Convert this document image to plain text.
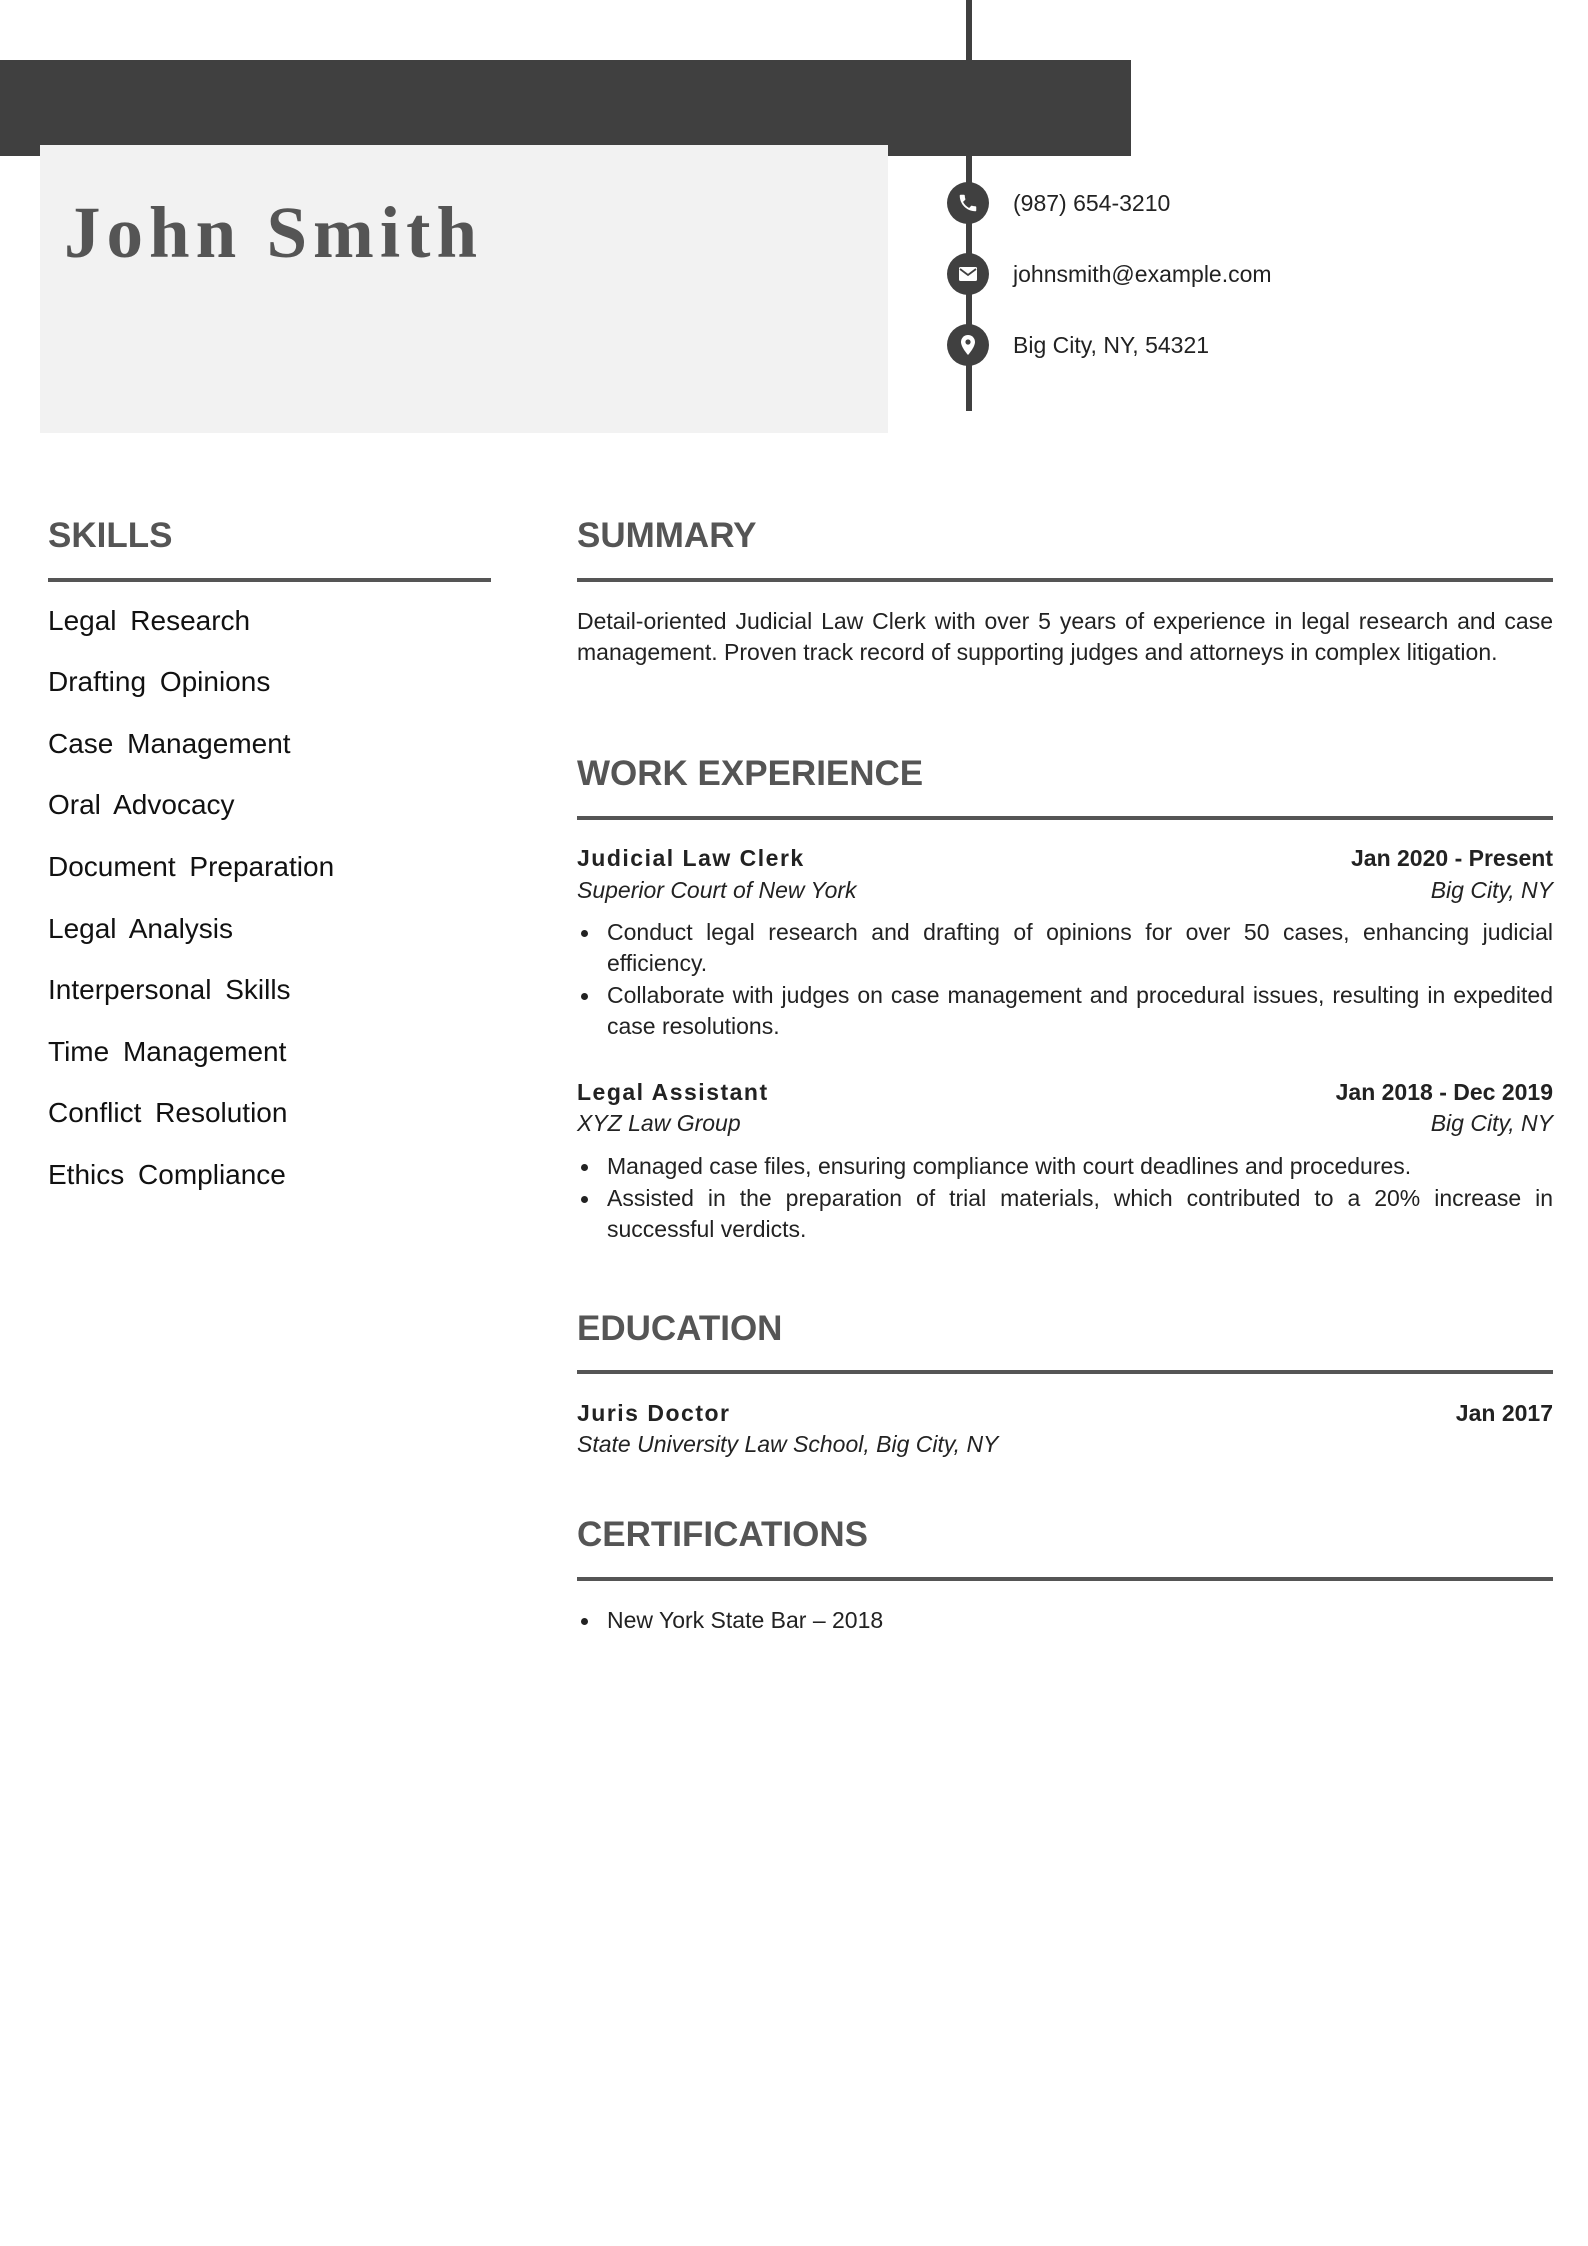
John Smith	(987) 654-3210
johnsmith@example.com
Big City, NY, 54321
SKILLS
Legal Research
Drafting Opinions
Case Management
Oral Advocacy
Document Preparation
Legal Analysis
Interpersonal Skills
Time Management
Conflict Resolution
Ethics Compliance
SUMMARY

Detail-oriented Judicial Law Clerk with over 5 years of experience in legal research and case management. Proven track record of supporting judges and attorneys in complex litigation.

WORK EXPERIENCE
Judicial Law Clerk	Jan 2020 - Present
Superior Court of New York	Big City, NY
Conduct legal research and drafting of opinions for over 50 cases, enhancing judicial efficiency.
Collaborate with judges on case management and procedural issues, resulting in expedited case resolutions.
Legal Assistant	Jan 2018 - Dec 2019
XYZ Law Group	Big City, NY
Managed case files, ensuring compliance with court deadlines and procedures.
Assisted in the preparation of trial materials, which contributed to a 20% increase in successful verdicts.
EDUCATION
Juris Doctor	Jan 2017
State University Law School, Big City, NY
CERTIFICATIONS
New York State Bar – 2018
